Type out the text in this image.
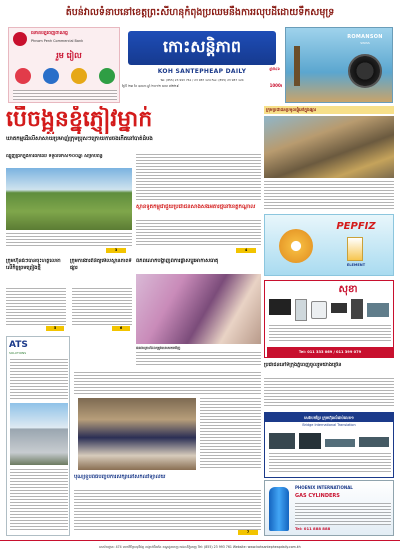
តំបន់វាលទំនាបនៅខេត្តព្រះសីហនុកំពុងប្រឈមនឹងការរលុបដីដោយទឹកសមុទ្រ
ធនាគារភ្នំពេញពាណិជ្ជ
Phnom Penh Commercial Bank
រួម រៀល	កោះសន្តិភាព
KOH SANTEPHEAP DAILY	ឆ្នាំទី៤៦
Tel: (855) 23 993 761 / 23 987 124 Fax: (855) 23 987 124
ថ្ងៃទី ២៣ ខែ ឧសភា ឆ្នាំ ២០១២ លេខ ៧២២៩	1000៛
ROMANSON
SWISS
បើចង្អួនខ្នុំភ្ញៀវម្នាក់
ឃាតកម្មដើរលីសាសាយប្រមាញ់ក្រុមប្រុសៗក្រោយការចងកើតនៅបាត់ដំបង
ក្រុមប្រជាជនប្រមូលផ្តុំនៅក្នុងផ្សារ
ឈ្មួញជ្រកក្នុងការដឹកឈើ ទទួលទោស១០០ឆ្នាំ សម្រាប់ពន្ធ
3
ស្ថានទូតកម្ពុជាជួយប្រជាជនសាងសង់អគារថ្មីនៅខេត្តកណ្តាល
4
ពិភពលោកបង្ហាញពីការផ្លាស់ប្តូរអាកាសធាតុ
ជនរងគ្រោះដែលត្រូវបានគេរកឃើញ
PEPFIZ
ELEMENT
សុខា
Tel: 011 333 069 / 011 399 079
ក្រុមហ៊ុនធំៗបានចុះហត្ថលេខាលើកិច្ចព្រមព្រៀងថ្មី
ក្រុមការងារពិនិត្យមើលស្ថានភាពទីផ្សារ
5	6
ATS
SOLUTIONS
បុណ្យខួបពិធីបញ្ចប់ការសិក្សានៅសកលវិទ្យាល័យ
7
ប្រជាជននៅទីក្រុងភ្នំពេញចូលរួមយ៉ាងច្រើន
សេវាបកប្រែ ក្រុមហ៊ុនលំដាប់លេខ១
Bridge International Translation
PHOENIX INTERNATIONAL
GAS CYLINDERS
Tel: 011 888 888
អាស័យដ្ឋាន: 474 មហាវិថីព្រះមុនីវង្ស សង្កាត់បឹងរាំង ខណ្ឌដូនពេញ រាជធានីភ្នំពេញ Tel: (855) 23 993 761 Website: www.kohsantepheapdaily.com.kh
